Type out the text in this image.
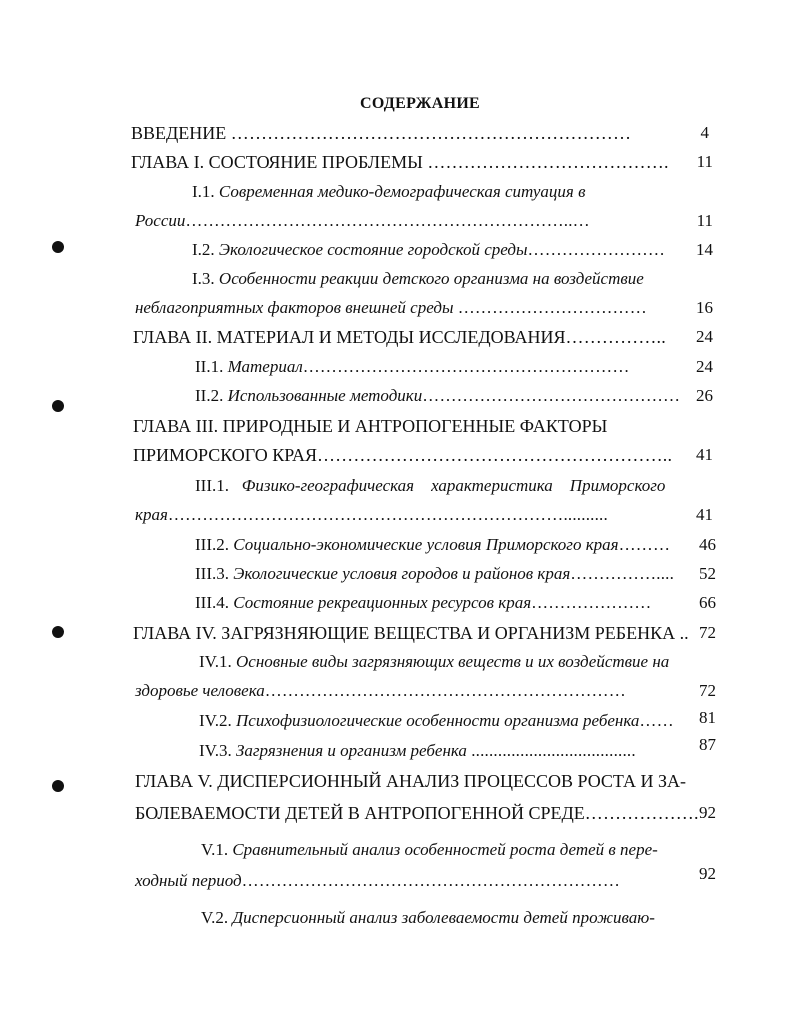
СОДЕРЖАНИЕ
ВВЕДЕНИЕ …………………………………………………………	4
ГЛАВА I. СОСТОЯНИЕ ПРОБЛЕМЫ ………………………………….	11
I.1. Современная медико-демографическая ситуация в
России…………………………………………………………..…	11
I.2. Экологическое состояние городской среды……………………	14
I.3. Особенности реакции детского организма на воздействие
неблагоприятных факторов внешней среды ……………………………	16
ГЛАВА II. МАТЕРИАЛ И МЕТОДЫ ИССЛЕДОВАНИЯ……………..	24
II.1. Материал…………………………………………………	24
II.2. Использованные методики……………………………………… 26
ГЛАВА III. ПРИРОДНЫЕ И АНТРОПОГЕННЫЕ ФАКТОРЫ
ПРИМОРСКОГО КРАЯ…………………………………………………..	41
III.1. Физико-географическая    характеристика    Приморского
края……………………………………………………………..........	41
III.2. Социально-экономические условия Приморского края………	46
III.3. Экологические условия городов и районов края……………....	52
III.4. Состояние рекреационных ресурсов края…………………	66
ГЛАВА IV. ЗАГРЯЗНЯЮЩИЕ ВЕЩЕСТВА И ОРГАНИЗМ РЕБЕНКА .. 72
IV.1. Основные виды загрязняющих веществ и их воздействие на
здоровье человека………………………………………………………	72
IV.2. Психофизиологические особенности организма ребенка……	81
IV.3. Загрязнения и организм ребенка .....................................	87
ГЛАВА V. ДИСПЕРСИОННЫЙ АНАЛИЗ ПРОЦЕССОВ РОСТА И ЗА-
БОЛЕВАЕМОСТИ ДЕТЕЙ В АНТРОПОГЕННОЙ СРЕДЕ………………. 92
V.1. Сравнительный анализ особенностей роста детей в пере-
ходный период…………………………………………………………	92
V.2. Дисперсионный анализ заболеваемости детей проживаю-
